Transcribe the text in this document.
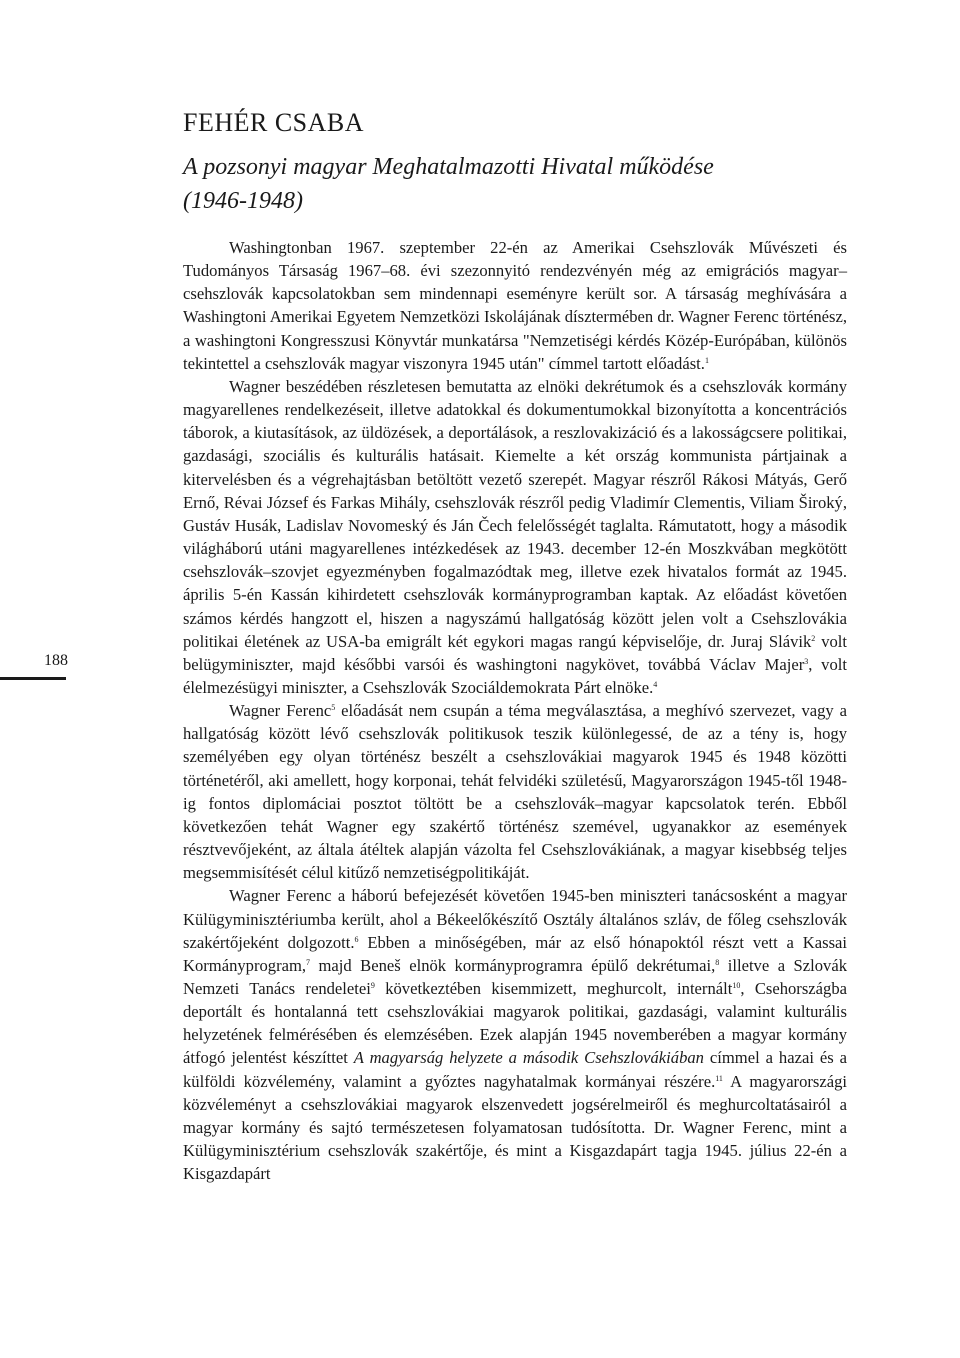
FEHÉR CSABA
A pozsonyi magyar Meghatalmazotti Hivatal működése
(1946-1948)

Washingtonban 1967. szeptember 22-én az Amerikai Csehszlovák Művészeti és Tudományos Társaság 1967–68. évi szezonnyitó rendezvényén még az emigrációs magyar–csehszlovák kapcsolatokban sem mindennapi eseményre került sor. A társaság meghívására a Washingtoni Amerikai Egyetem Nemzetközi Iskolájának dísztermében dr. Wagner Ferenc történész, a washingtoni Kongresszusi Könyvtár munkatársa "Nemzetiségi kérdés Közép-Európában, különös tekintettel a csehszlovák magyar viszonyra 1945 után" címmel tartott előadást.$^1$

Wagner beszédében részletesen bemutatta az elnöki dekrétumok és a csehszlovák kormány magyarellenes rendelkezéseit, illetve adatokkal és dokumentumokkal bizonyította a koncentrációs táborok, a kiutasítások, az üldözések, a deportálások, a reszlovakizáció és a lakosságcsere politikai, gazdasági, szociális és kulturális hatásait. Kiemelte a két ország kommunista pártjainak a kitervelésben és a végrehajtásban betöltött vezető szerepét. Magyar részről Rákosi Mátyás, Gerő Ernő, Révai József és Farkas Mihály, csehszlovák részről pedig Vladimír Clementis, Viliam Široký, Gustáv Husák, Ladislav Novomeský és Ján Čech felelősségét taglalta. Rámutatott, hogy a második világháború utáni magyarellenes intézkedések az 1943. december 12-én Moszkvában megkötött csehszlovák–szovjet egyezményben fogalmazódtak meg, illetve ezek hivatalos formát az 1945. április 5-én Kassán kihirdetett csehszlovák kormányprogramban kaptak. Az előadást követően számos kérdés hangzott el, hiszen a nagyszámú hallgatóság között jelen volt a Csehszlovákia politikai életének az USA-ba emigrált két egykori magas rangú képviselője, dr. Juraj Slávik$^2$ volt belügyminiszter, majd későbbi varsói és washingtoni nagykövet, továbbá Václav Majer$^3$, volt élelmezésügyi miniszter, a Csehszlovák Szociáldemokrata Párt elnöke.$^4$

Wagner Ferenc$^5$ előadását nem csupán a téma megválasztása, a meghívó szervezet, vagy a hallgatóság között lévő csehszlovák politikusok teszik különlegessé, de az a tény is, hogy személyében egy olyan történész beszélt a csehszlovákiai magyarok 1945 és 1948 közötti történetéről, aki amellett, hogy korponai, tehát felvidéki születésű, Magyarországon 1945-től 1948-ig fontos diplomáciai posztot töltött be a csehszlovák–magyar kapcsolatok terén. Ebből következően tehát Wagner egy szakértő történész szemével, ugyanakkor az események résztvevőjeként, az általa átéltek alapján vázolta fel Csehszlovákiának, a magyar kisebbség teljes megsemmisítését célul kitűző nemzetiségpolitikáját.

Wagner Ferenc a háború befejezését követően 1945-ben miniszteri tanácsosként a magyar Külügyminisztériumba került, ahol a Békeelőkészítő Osztály általános szláv, de főleg csehszlovák szakértőjeként dolgozott.$^6$ Ebben a minőségében, már az első hónapoktól részt vett a Kassai Kormányprogram,$^7$ majd Beneš elnök kormányprogramra épülő dekrétumai,$^8$ illetve a Szlovák Nemzeti Tanács rendeletei$^9$ következtében kisemmizett, meghurcolt, internált$^{10}$, Csehországba deportált és hontalanná tett csehszlovákiai magyarok politikai, gazdasági, valamint kulturális helyzetének felmérésében és elemzésében. Ezek alapján 1945 novemberében a magyar kormány átfogó jelentést készíttet A magyarság helyzete a második Csehszlovákiában címmel a hazai és a külföldi közvélemény, valamint a győztes nagyhatalmak kormányai részére.$^{11}$ A magyarországi közvéleményt a csehszlovákiai magyarok elszenvedett jogsérelmeiről és meghurcoltatásairól a magyar kormány és sajtó természetesen folyamatosan tudósította. Dr. Wagner Ferenc, mint a Külügyminisztérium csehszlovák szakértője, és mint a Kisgazdapárt tagja 1945. július 22-én a Kisgazdapárt

188
